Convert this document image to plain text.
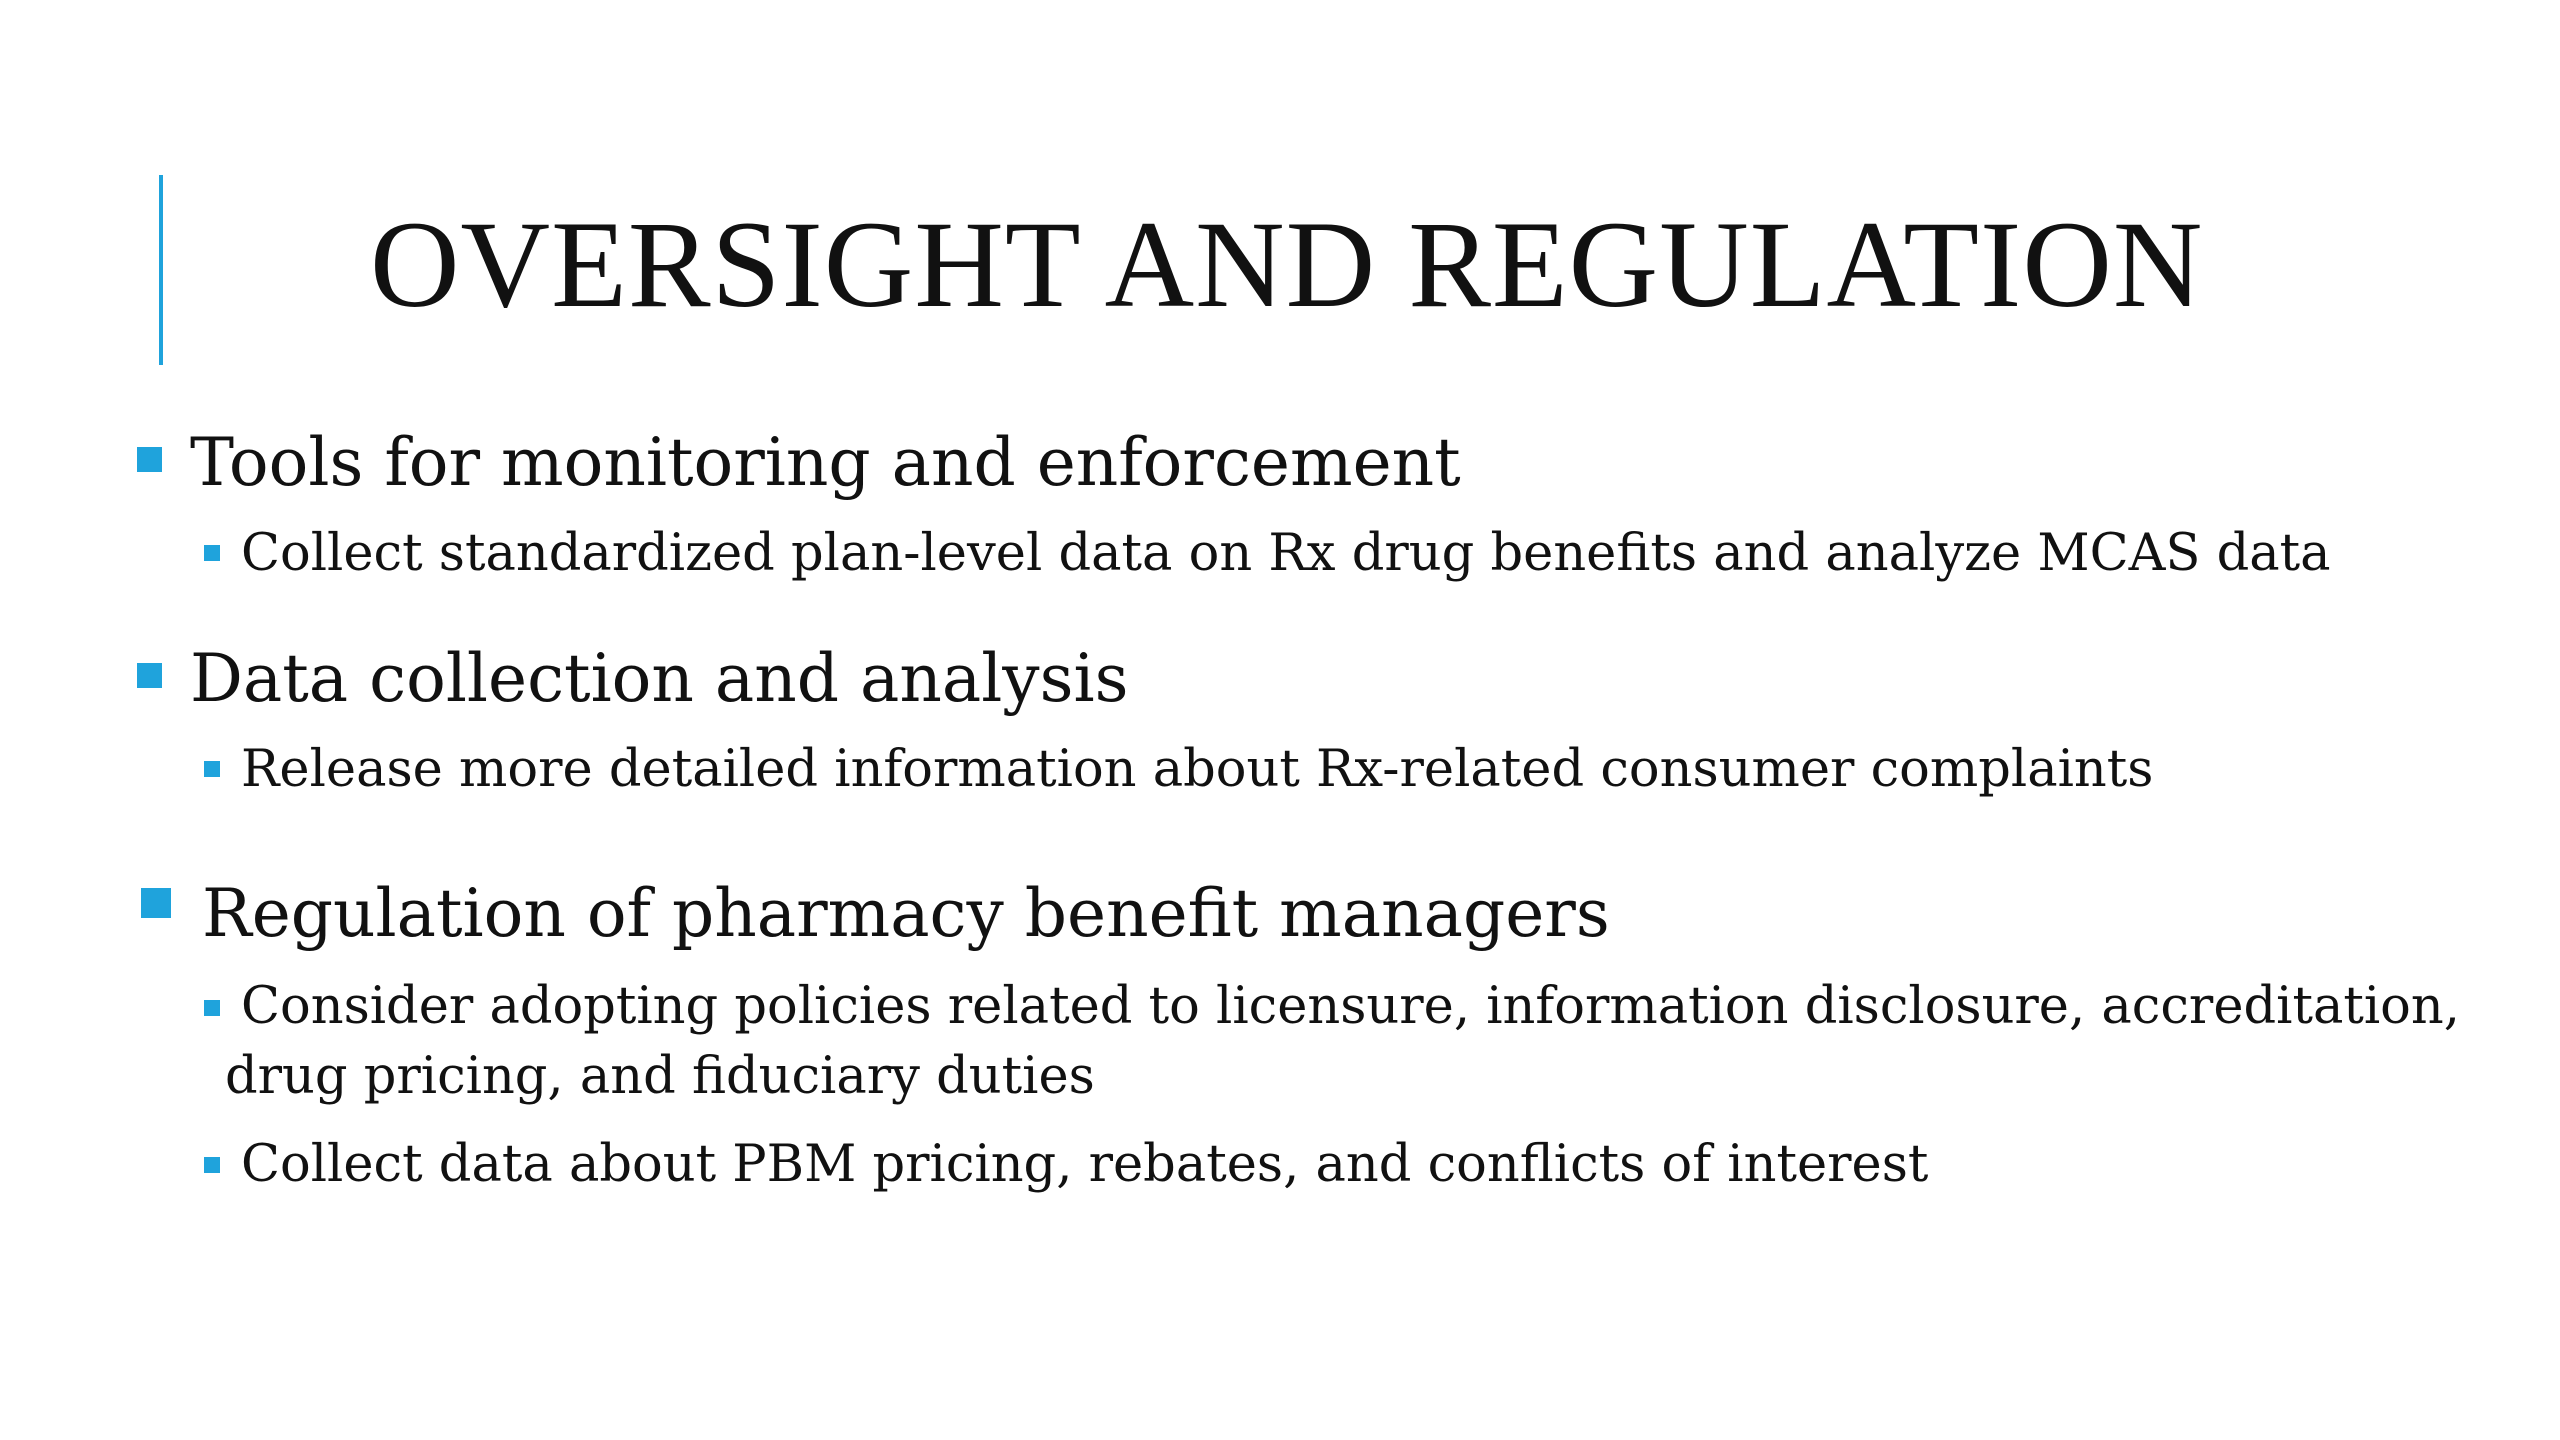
OVERSIGHT AND REGULATION
Tools for monitoring and enforcement
Collect standardized plan-level data on Rx drug benefits and analyze MCAS data
Data collection and analysis
Release more detailed information about Rx-related consumer complaints
Regulation of pharmacy benefit managers
Consider adopting policies related to licensure, information disclosure, accreditation, drug pricing, and fiduciary duties
Collect data about PBM pricing, rebates, and conflicts of interest
